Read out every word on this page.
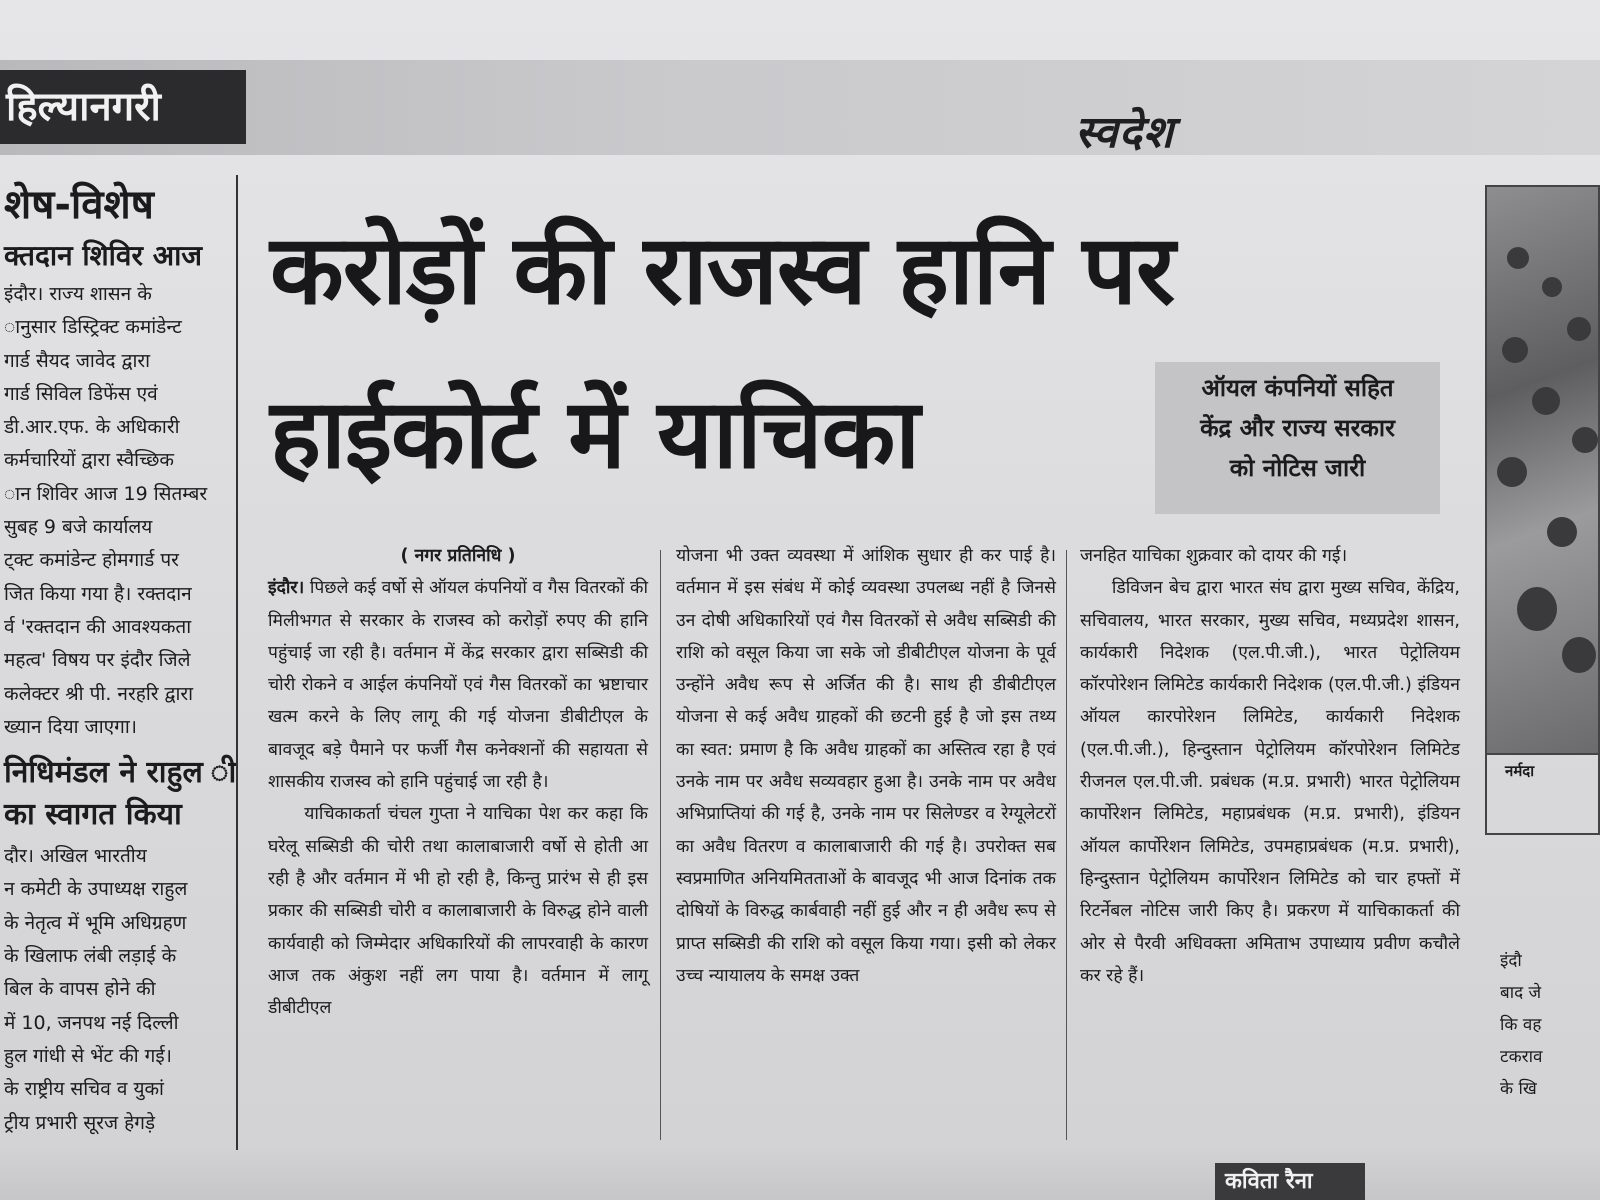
हिल्यानगरी	स्वदेश
शेष-विशेष
क्तदान शिविर आज
इंदौर। राज्य शासन के
ानुसार डिस्ट्रिक्ट कमांडेन्ट
गार्ड सैयद जावेद द्वारा
गार्ड सिविल डिफेंस एवं
डी.आर.एफ. के अधिकारी
कर्मचारियों द्वारा स्वैच्छिक
ान शिविर आज 19 सितम्बर
सुबह 9 बजे कार्यालय
ट्क्ट कमांडेन्ट होमगार्ड पर
जित किया गया है। रक्तदान
र्व 'रक्तदान की आवश्यकता
महत्व' विषय पर इंदौर जिले
कलेक्टर श्री पी. नरहरि द्वारा
ख्यान दिया जाएगा।
निधिमंडल ने राहुल ी का स्वागत किया
दौर। अखिल भारतीय
न कमेटी के उपाध्यक्ष राहुल
के नेतृत्व में भूमि अधिग्रहण
के खिलाफ लंबी लड़ाई के
बिल के वापस होने की
में 10, जनपथ नई दिल्ली
हुल गांधी से भेंट की गई।
के राष्ट्रीय सचिव व युकां
ट्रीय प्रभारी सूरज हेगड़े
करोड़ों की राजस्व हानि पर
हाईकोर्ट में याचिका	ऑयल कंपनियों सहित
केंद्र और राज्य सरकार
को नोटिस जारी

( नगर प्रतिनिधि )

इंदौर। पिछले कई वर्षो से ऑयल कंपनियों व गैस वितरकों की मिलीभगत से सरकार के राजस्व को करोड़ों रुपए की हानि पहुंचाई जा रही है। वर्तमान में केंद्र सरकार द्वारा सब्सिडी की चोरी रोकने व आईल कंपनियों एवं गैस वितरकों का भ्रष्टाचार खत्म करने के लिए लागू की गई योजना डीबीटीएल के बावजूद बड़े पैमाने पर फर्जी गैस कनेक्शनों की सहायता से शासकीय राजस्व को हानि पहुंचाई जा रही है।

याचिकाकर्ता चंचल गुप्ता ने याचिका पेश कर कहा कि घरेलू सब्सिडी की चोरी तथा कालाबाजारी वर्षो से होती आ रही है और वर्तमान में भी हो रही है, किन्तु प्रारंभ से ही इस प्रकार की सब्सिडी चोरी व कालाबाजारी के विरुद्ध होने वाली कार्यवाही को जिम्मेदार अधिकारियों की लापरवाही के कारण आज तक अंकुश नहीं लग पाया है। वर्तमान में लागू डीबीटीएल

योजना भी उक्त व्यवस्था में आंशिक सुधार ही कर पाई है। वर्तमान में इस संबंध में कोई व्यवस्था उपलब्ध नहीं है जिनसे उन दोषी अधिकारियों एवं गैस वितरकों से अवैध सब्सिडी की राशि को वसूल किया जा सके जो डीबीटीएल योजना के पूर्व उन्होंने अवैध रूप से अर्जित की है। साथ ही डीबीटीएल योजना से कई अवैध ग्राहकों की छटनी हुई है जो इस तथ्य का स्वत: प्रमाण है कि अवैध ग्राहकों का अस्तित्व रहा है एवं उनके नाम पर अवैध सव्यवहार हुआ है। उनके नाम पर अवैध अभिप्राप्तियां की गई है, उनके नाम पर सिलेण्डर व रेग्यूलेटरों का अवैध वितरण व कालाबाजारी की गई है। उपरोक्त सब स्वप्रमाणित अनियमितताओं के बावजूद भी आज दिनांक तक दोषियों के विरुद्ध कार्बवाही नहीं हुई और न ही अवैध रूप से प्राप्त सब्सिडी की राशि को वसूल किया गया। इसी को लेकर उच्च न्यायालय के समक्ष उक्त

जनहित याचिका शुक्रवार को दायर की गई।

डिविजन बेच द्वारा भारत संघ द्वारा मुख्य सचिव, केंद्रिय, सचिवालय, भारत सरकार, मुख्य सचिव, मध्यप्रदेश शासन, कार्यकारी निदेशक (एल.पी.जी.), भारत पेट्रोलियम कॉरपोरेशन लिमिटेड कार्यकारी निदेशक (एल.पी.जी.) इंडियन ऑयल कारपोरेशन लिमिटेड, कार्यकारी निदेशक (एल.पी.जी.), हिन्दुस्तान पेट्रोलियम कॉरपोरेशन लिमिटेड रीजनल एल.पी.जी. प्रबंधक (म.प्र. प्रभारी) भारत पेट्रोलियम कार्पोरेशन लिमिटेड, महाप्रबंधक (म.प्र. प्रभारी), इंडियन ऑयल कार्पोरेशन लिमिटेड, उपमहाप्रबंधक (म.प्र. प्रभारी), हिन्दुस्तान पेट्रोलियम कार्पोरेशन लिमिटेड को चार हफ्तों में रिटर्नेबल नोटिस जारी किए है। प्रकरण में याचिकाकर्ता की ओर से पैरवी अधिवक्ता अमिताभ उपाध्याय प्रवीण कचौले कर रहे हैं।

नर्मदा
इंदौ
बाद जे
कि वह
टकराव
के खि
कविता रैना
